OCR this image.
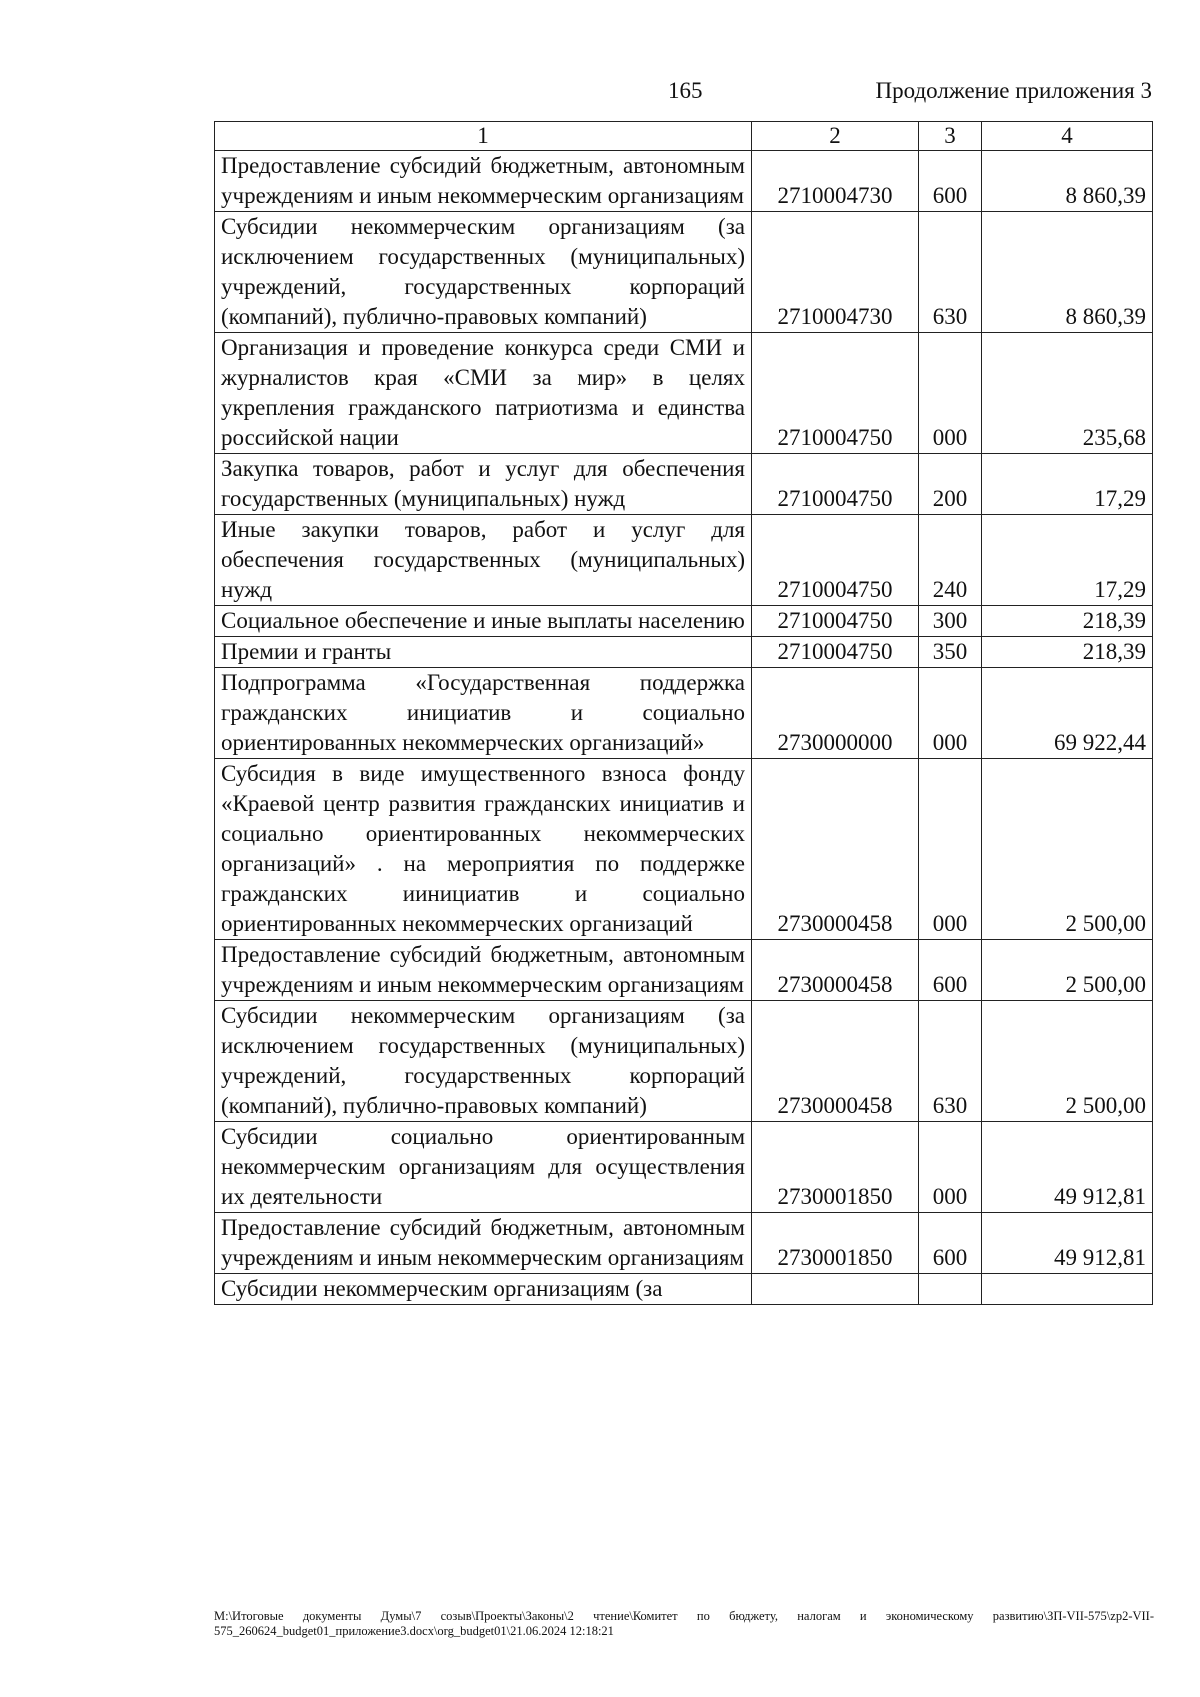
165	Продолжение приложения 3
1	2	3	4
Предоставление субсидий бюджетным, автономным учреждениям и иным некоммерческим организациям	2710004730	600	8 860,39
Субсидии некоммерческим организациям (за исключением государственных (муниципальных) учреждений, государственных корпораций (компаний), публично-правовых компаний)	2710004730	630	8 860,39
Организация и проведение конкурса среди СМИ и журналистов края «СМИ за мир» в целях укрепления гражданского патриотизма и единства российской нации	2710004750	000	235,68
Закупка товаров, работ и услуг для обеспечения государственных (муниципальных) нужд	2710004750	200	17,29
Иные закупки товаров, работ и услуг для обеспечения государственных (муниципальных) нужд	2710004750	240	17,29
Социальное обеспечение и иные выплаты населению	2710004750	300	218,39
Премии и гранты	2710004750	350	218,39
Подпрограмма «Государственная поддержка гражданских инициатив и социально ориентированных некоммерческих организаций»	2730000000	000	69 922,44
Субсидия в виде имущественного взноса фонду «Краевой центр развития гражданских инициатив и социально ориентированных некоммерческих организаций» . на мероприятия по поддержке гражданских иинициатив и социально ориентированных некоммерческих организаций	2730000458	000	2 500,00
Предоставление субсидий бюджетным, автономным учреждениям и иным некоммерческим организациям	2730000458	600	2 500,00
Субсидии некоммерческим организациям (за исключением государственных (муниципальных) учреждений, государственных корпораций (компаний), публично-правовых компаний)	2730000458	630	2 500,00
Субсидии социально ориентированным некоммерческим организациям для осуществления их деятельности	2730001850	000	49 912,81
Предоставление субсидий бюджетным, автономным учреждениям и иным некоммерческим организациям	2730001850	600	49 912,81
Субсидии некоммерческим организациям (за			
М:\Итоговые документы Думы\7 созыв\Проекты\Законы\2 чтение\Комитет по бюджету, налогам и экономическому развитию\ЗП-VII-575\zp2-VII-575_260624_budget01_приложение3.docx\org_budget01\21.06.2024 12:18:21
